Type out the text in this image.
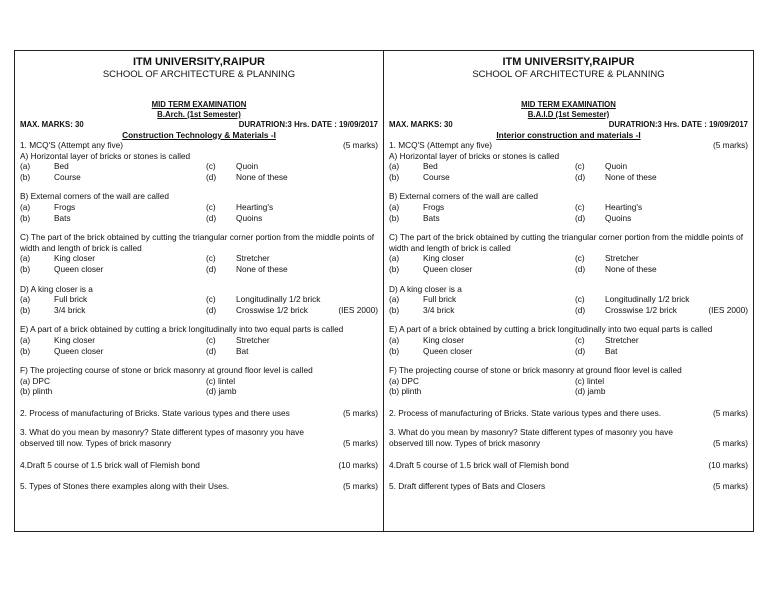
ITM UNIVERSITY,RAIPUR
SCHOOL OF ARCHITECTURE & PLANNING
MID TERM EXAMINATION
B.Arch. (1st Semester)
MAX. MARKS: 30	DURATRION:3 Hrs. DATE : 19/09/2017
Construction Technology & Materials -I
1. MCQ'S (Attempt any five)	(5 marks)
A) Horizontal layer of bricks or stones is called
(a)	Bed	(c)	Quoin
(b)	Course	(d)	None of these
B) External corners of the wall are called
(a)	Frogs	(c)	Hearting's
(b)	Bats	(d)	Quoins
C) The part of the brick obtained by cutting the triangular corner portion from the middle points of width and length of brick is called
(a)	King closer	(c)	Stretcher
(b)	Queen closer	(d)	None of these
D) A king closer is a
(a)	Full brick	(c)	Longitudinally 1/2 brick
(b)	3/4 brick	(d)	Crosswise 1/2 brick	(IES 2000)
E) A part of a brick obtained by cutting a brick longitudinally into two equal parts is called
(a)	King closer	(c)	Stretcher
(b)	Queen closer	(d)	Bat
F) The projecting course of stone or brick masonry at ground floor level is called
(a) DPC	(c) lintel
(b) plinth	(d) jamb
2. Process of manufacturing of Bricks. State various types and there uses	(5 marks)
3. What do you mean by masonry? State different types of masonry you have
observed till now. Types of brick masonry	(5 marks)
4.Draft 5 course of 1.5 brick wall of Flemish bond	(10 marks)
5. Types of Stones there examples along with their Uses.	(5 marks)
ITM UNIVERSITY,RAIPUR
SCHOOL OF ARCHITECTURE & PLANNING
MID TERM EXAMINATION
B.A.I.D (1st Semester)
MAX. MARKS: 30	DURATRION:3 Hrs. DATE : 19/09/2017
Interior construction and materials -I
1. MCQ'S (Attempt any five)	(5 marks)
A) Horizontal layer of bricks or stones is called
(a)	Bed	(c)	Quoin
(b)	Course	(d)	None of these
B) External corners of the wall are called
(a)	Frogs	(c)	Hearting's
(b)	Bats	(d)	Quoins
C) The part of the brick obtained by cutting the triangular corner portion from the middle points of width and length of brick is called
(a)	King closer	(c)	Stretcher
(b)	Queen closer	(d)	None of these
D) A king closer is a
(a)	Full brick	(c)	Longitudinally 1/2 brick
(b)	3/4 brick	(d)	Crosswise 1/2 brick	(IES 2000)
E) A part of a brick obtained by cutting a brick longitudinally into two equal parts is called
(a)	King closer	(c)	Stretcher
(b)	Queen closer	(d)	Bat
F) The projecting course of stone or brick masonry at ground floor level is called
(a) DPC	(c) lintel
(b) plinth	(d) jamb
2. Process of manufacturing of Bricks. State various types and there uses.	(5 marks)
3. What do you mean by masonry? State different types of masonry you have
observed till now. Types of brick masonry	(5 marks)
4.Draft 5 course of 1.5 brick wall of Flemish bond	(10 marks)
5. Draft different types of Bats and Closers	(5 marks)
